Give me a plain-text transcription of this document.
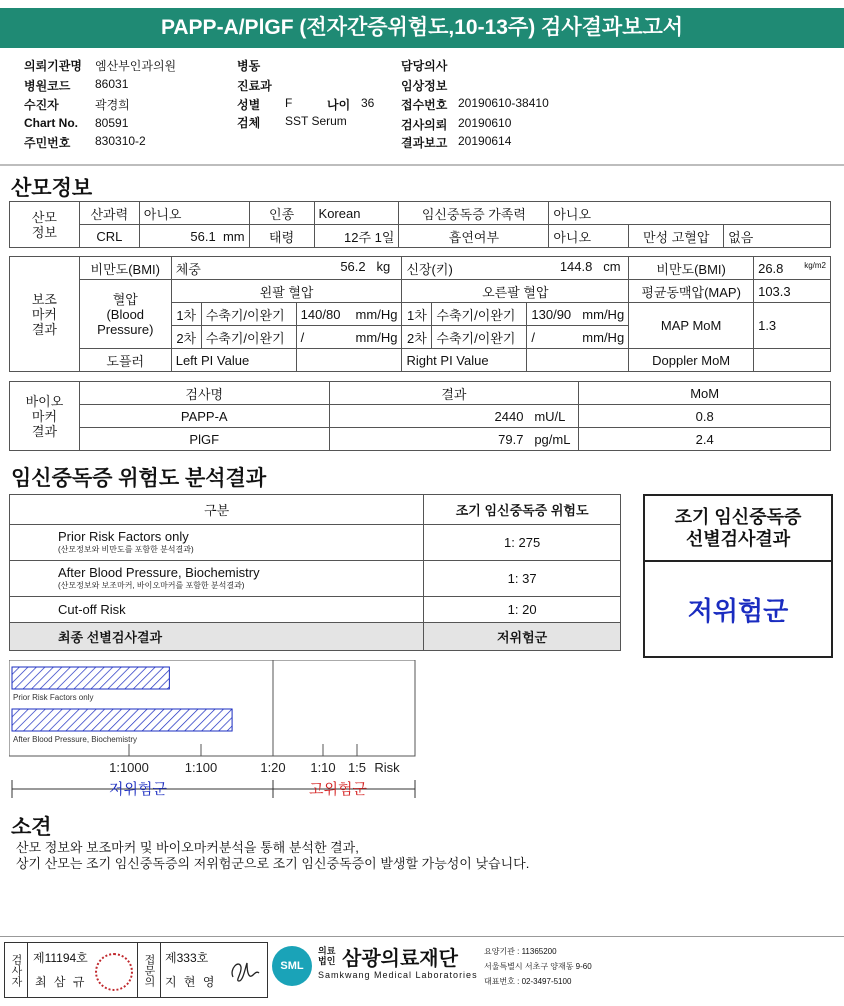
PAPP-A/PlGF (전자간증위험도,10-13주) 검사결과보고서
의뢰기관명 엠산부인과의원
병원코드 86031
수진자	곽경희
Chart No. 80591
주민번호 830310-2
병동
진료과
성별 F	나이 36
검체 SST Serum
담당의사
임상정보
접수번호 20190610-38410
검사의뢰 20190610
결과보고 20190614
산모정보
산모
정보	산과력	아니오	인종	Korean	임신중독증 가족력	아니오		
	CRL	56.1 mm	태령	12주 1일	흡연여부	아니오	만성 고혈압	없음
보조
마커
결과	비만도(BMI)	체중 56.2 kg			신장(키) 144.8 cm			비만도(BMI)	26.8 kg/m2

	혈압
(Blood
Pressure)	왼팔 혈압			오른팔 혈압			평균동맥압(MAP)	103.3
		1차	수축기/이완기	140/80 mm/Hg	1차	수축기/이완기	130/90 mm/Hg	MAP MoM	1.3
		2차	수축기/이완기	/ mm/Hg	2차	수축기/이완기	/ mm/Hg		

	도플러	Left PI Value			Right PI Value			Doppler MoM	
바이오
마커
결과	검사명	결과	MoM
	PAPP-A	2440 mU/L	0.8
	PlGF	79.7 pg/mL	2.4
임신중독증 위험도 분석결과
구분	조기 임신중독증 위험도

Prior Risk Factors only
(산모정보와 비만도를 포함한 분석결과)	1: 275

After Blood Pressure, Biochemistry
(산모정보와 보조마커, 바이오마커를 포함한 분석결과)	1: 37
Cut-off Risk	1: 20
최종 선별검사결과	저위험군
조기 임신중독증
선별검사결과
저위험군
Prior Risk Factors only
After Blood Pressure, Biochemistry
1:1000	1:100	1:20 1:10 1:5 Risk
저위험군	고위험군
소견
산모 정보와 보조마커 및 바이오마커분석을 통해 분석한 결과,
상기 산모는 조기 임신중독증의 저위험군으로 조기 임신중독증이 발생할 가능성이 낮습니다.
검사자 제11194호
최 삼 규	접문의 제333호
지 현 영
SML
의료
법인 삼광의료재단
Samkwang Medical Laboratories
요양기관 : 11365200
서울특별시 서초구 양재동 9-60
대표번호 : 02-3497-5100
